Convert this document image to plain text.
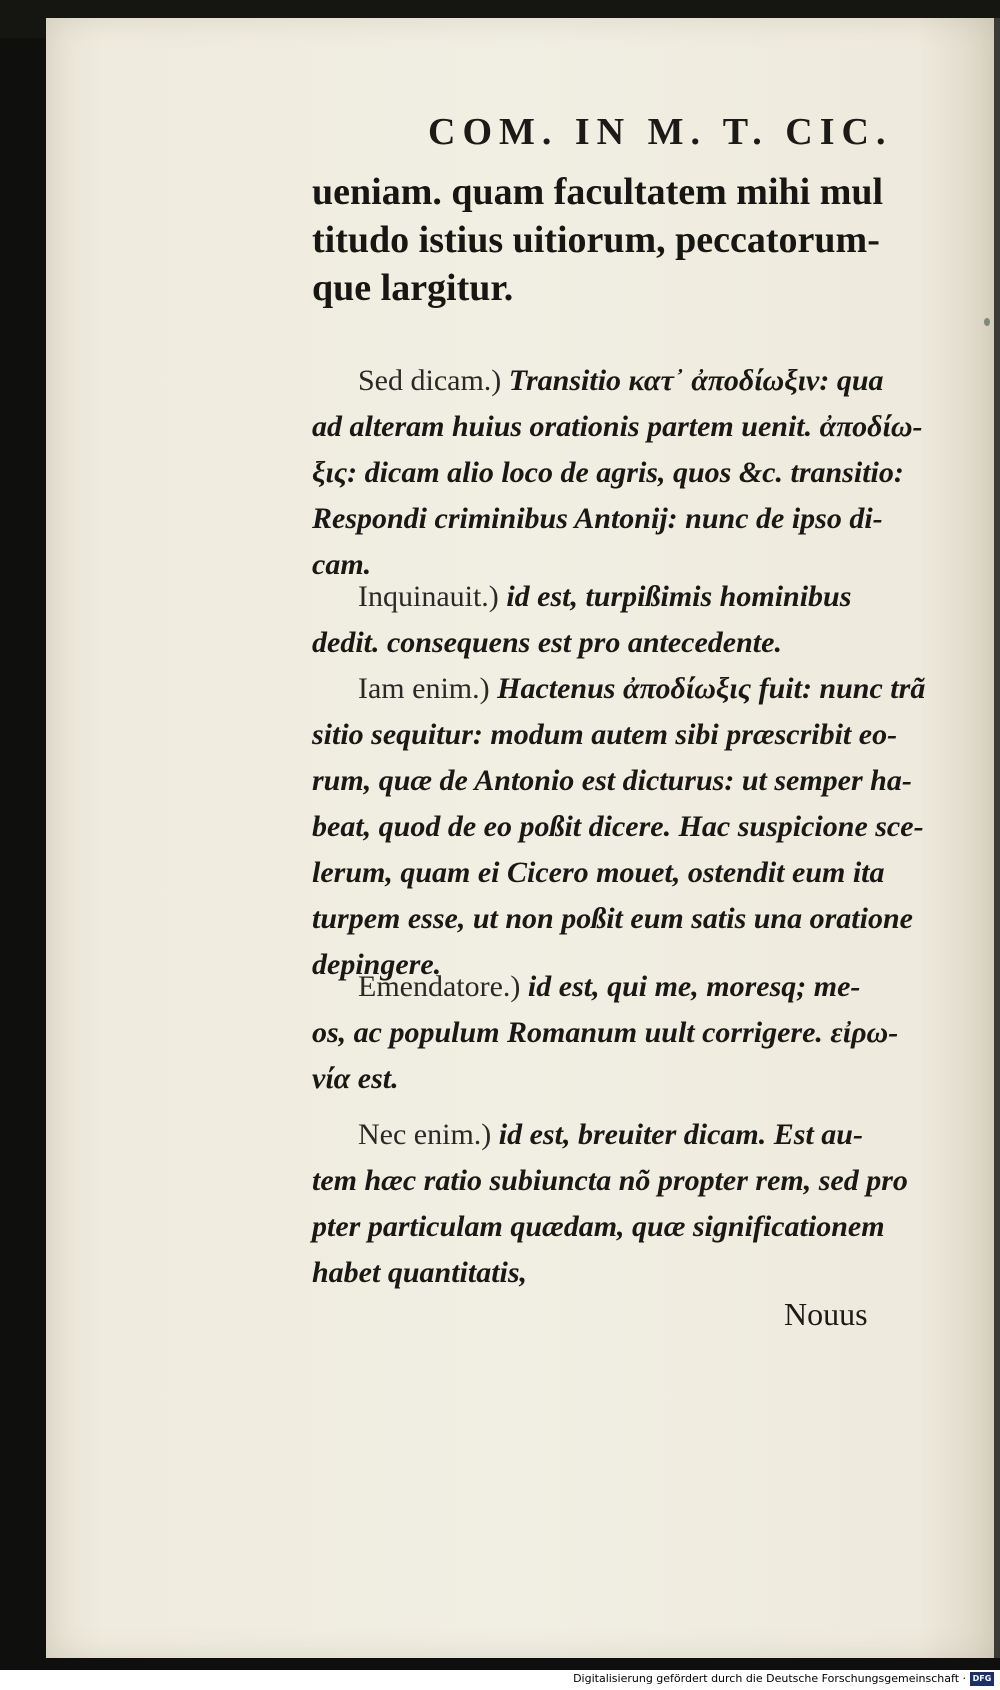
COM. IN M. T. CIC.
ueniam. quam facultatem mihi mul
titudo istius uitiorum, peccatorum-
que largitur.
Sed dicam.) Transitio κατ᾽ ἀποδίωξιν: qua
ad alteram huius orationis partem uenit. ἀποδίω-
ξις: dicam alio loco de agris, quos &c. transitio:
Respondi criminibus Antonij: nunc de ipso di-
cam.
Inquinauit.) id est, turpißimis hominibus
dedit. consequens est pro antecedente.
Iam enim.) Hactenus ἀποδίωξις fuit: nunc trã
sitio sequitur: modum autem sibi præscribit eo-
rum, quæ de Antonio est dicturus: ut semper ha-
beat, quod de eo poßit dicere. Hac suspicione sce-
lerum, quam ei Cicero mouet, ostendit eum ita
turpem esse, ut non poßit eum satis una oratione
depingere.
Emendatore.) id est, qui me, moresq; me-
os, ac populum Romanum uult corrigere. εἰρω-
νία est.
Nec enim.) id est, breuiter dicam. Est au-
tem hæc ratio subiuncta nõ propter rem, sed pro
pter particulam quædam, quæ significationem
habet quantitatis,
Nouus
Digitalisierung gefördert durch die Deutsche Forschungsgemeinschaft · DFG
